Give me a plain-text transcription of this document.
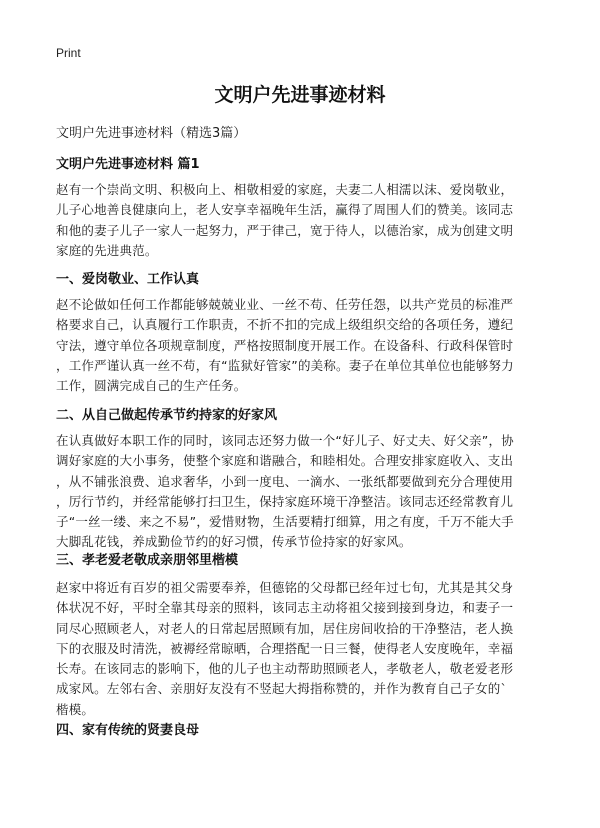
Print
文明户先进事迹材料

文明户先进事迹材料（精选3篇）

文明户先进事迹材料 篇1

赵有一个崇尚文明、积极向上、相敬相爱的家庭，夫妻二人相濡以沫、爱岗敬业，
儿子心地善良健康向上，老人安享幸福晚年生活，赢得了周围人们的赞美。该同志
和他的妻子儿子一家人一起努力，严于律己，宽于待人，以德治家，成为创建文明
家庭的先进典范。

一、爱岗敬业、工作认真

赵不论做如任何工作都能够兢兢业业、一丝不苟、任劳任怨，以共产党员的标准严
格要求自己，认真履行工作职责，不折不扣的完成上级组织交给的各项任务，遵纪
守法，遵守单位各项规章制度，严格按照制度开展工作。在设备科、行政科保管时
，工作严谨认真一丝不苟，有“监狱好管家”的美称。妻子在单位其单位也能够努力
工作，圆满完成自己的生产任务。

二、从自己做起传承节约持家的好家风

在认真做好本职工作的同时，该同志还努力做一个“好儿子、好丈夫、好父亲”，协
调好家庭的大小事务，使整个家庭和谐融合，和睦相处。合理安排家庭收入、支出
，从不铺张浪费、追求奢华，小到一度电、一滴水、一张纸都要做到充分合理使用
，厉行节约，并经常能够打扫卫生，保持家庭环境干净整洁。该同志还经常教育儿
子“一丝一缕、来之不易”，爱惜财物，生活要精打细算，用之有度，千万不能大手
大脚乱花钱，养成勤俭节约的好习惯，传承节俭持家的好家风。

三、孝老爱老敬成亲朋邻里楷模

赵家中将近有百岁的祖父需要奉养，但德铭的父母都已经年过七旬，尤其是其父身
体状况不好，平时全靠其母亲的照料，该同志主动将祖父接到接到身边，和妻子一
同尽心照顾老人，对老人的日常起居照顾有加，居住房间收拾的干净整洁，老人换
下的衣服及时清洗，被褥经常晾晒，合理搭配一日三餐，使得老人安度晚年，幸福
长寿。在该同志的影响下，他的儿子也主动帮助照顾老人，孝敬老人，敬老爱老形
成家风。左邻右舍、亲朋好友没有不竖起大拇指称赞的，并作为教育自己子女的`
楷模。

四、家有传统的贤妻良母
